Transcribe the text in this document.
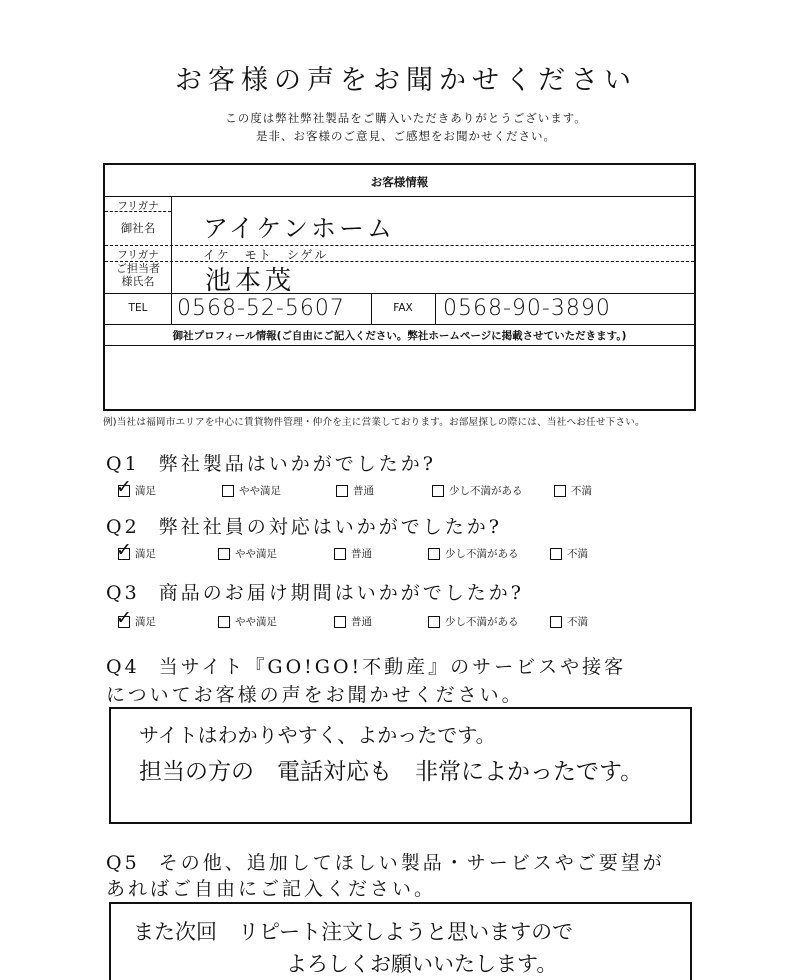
お客様の声をお聞かせください
この度は弊社弊社製品をご購入いただきありがとうございます。
是非、お客様のご意見、ご感想をお聞かせください。
お客様情報
フリガナ
御社名	アイケンホーム
フリガナ	イケ　モト　シゲル
ご担当者様氏名	池本茂
TEL	0568-52-5607	FAX	0568-90-3890
御社プロフィール情報(ご自由にご記入ください。弊社ホームページに掲載させていただきます。)
例)当社は福岡市エリアを中心に賃貸物件管理・仲介を主に営業しております。お部屋探しの際には、当社へお任せ下さい。
Q1 弊社製品はいかがでしたか?
✓ 満足	やや満足	普通	少し不満がある	不満
Q2 弊社社員の対応はいかがでしたか?
✓ 満足	やや満足	普通	少し不満がある	不満
Q3 商品のお届け期間はいかがでしたか?
✓ 満足	やや満足	普通	少し不満がある	不満
Q4 当サイト『GO!GO!不動産』のサービスや接客
についてお客様の声をお聞かせください。
サイトはわかりやすく、よかったです。
担当の方の　電話対応も　非常によかったです。
Q5 その他、追加してほしい製品・サービスやご要望が
あればご自由にご記入ください。
また次回　リピート注文しようと思いますので
よろしくお願いいたします。
